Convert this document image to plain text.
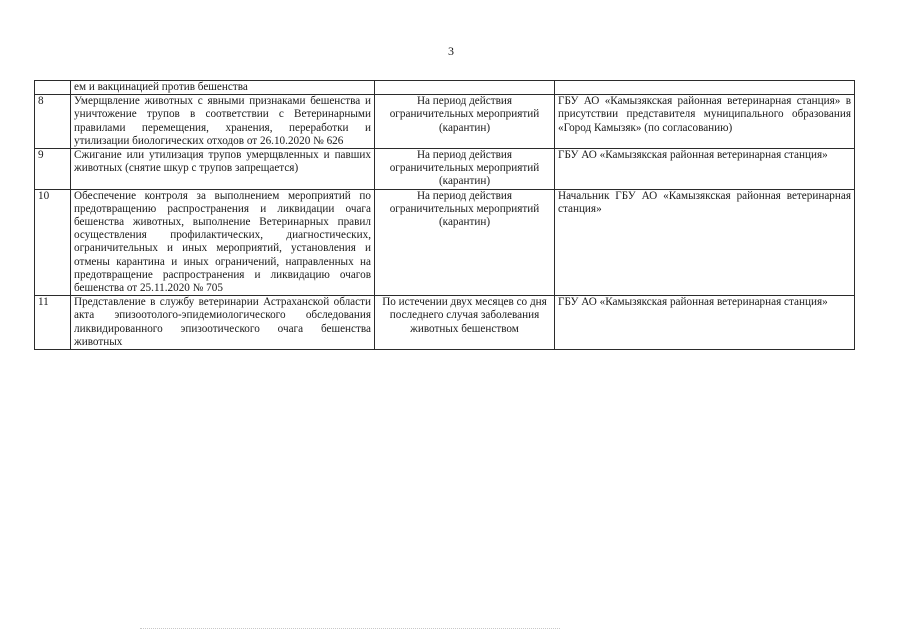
3
	ем и вакцинацией против бешенства		
8	Умерщвление животных с явными признаками бешенства и уничтожение трупов в соответствии с Ветеринарными правилами перемещения, хранения, переработки и утилизации биологических отходов от 26.10.2020 № 626	На период действия ограничительных мероприятий (карантин)	ГБУ АО «Камызякская районная ветеринарная станция» в присутствии представителя муниципального образования «Город Камызяк» (по согласованию)
9	Сжигание или утилизация трупов умерщвленных и павших животных (снятие шкур с трупов запрещается)	На период действия ограничительных мероприятий (карантин)	ГБУ АО «Камызякская районная ветеринарная станция»
10	Обеспечение контроля за выполнением мероприятий по предотвращению распространения и ликвидации очага бешенства животных, выполнение Ветеринарных правил осуществления профилактических, диагностических, ограничительных и иных мероприятий, установления и отмены карантина и иных ограничений, направленных на предотвращение распространения и ликвидацию очагов бешенства от 25.11.2020 № 705	На период действия ограничительных мероприятий (карантин)	Начальник ГБУ АО «Камызякская районная ветеринарная станция»
11	Представление в службу ветеринарии Астраханской области акта эпизоотолого-эпидемиологического обследования ликвидированного эпизоотического очага бешенства животных	По истечении двух месяцев со дня последнего случая заболевания животных бешенством	ГБУ АО «Камызякская районная ветеринарная станция»
